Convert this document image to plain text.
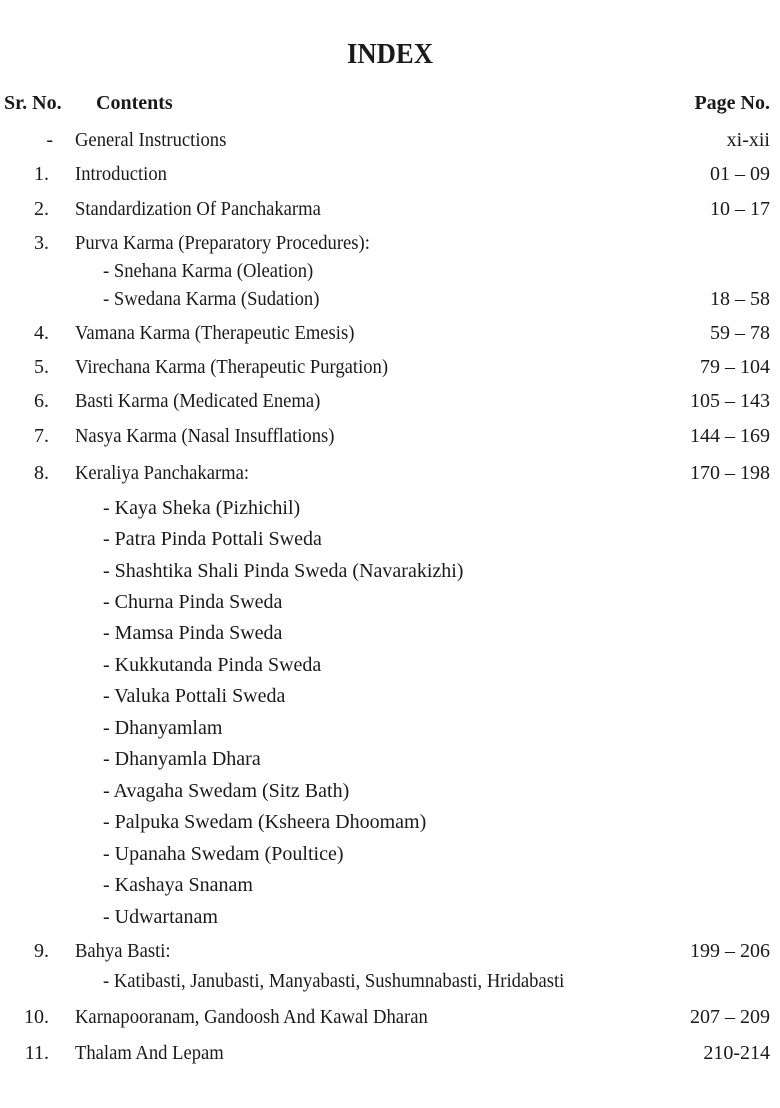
INDEX
Sr. No. Contents	Page No.
- General Instructions	xi-xii
1. Introduction	01 – 09
2. Standardization Of Panchakarma	10 – 17
3. Purva Karma (Preparatory Procedures):
- Snehana Karma (Oleation)
- Swedana Karma (Sudation)	18 – 58
4. Vamana Karma (Therapeutic Emesis)	59 – 78
5. Virechana Karma (Therapeutic Purgation)	79 – 104
6. Basti Karma (Medicated Enema)	105 – 143
7. Nasya Karma (Nasal Insufflations)	144 – 169
8. Keraliya Panchakarma:	170 – 198
- Kaya Sheka (Pizhichil)
- Patra Pinda Pottali Sweda
- Shashtika Shali Pinda Sweda (Navarakizhi)
- Churna Pinda Sweda
- Mamsa Pinda Sweda
- Kukkutanda Pinda Sweda
- Valuka Pottali Sweda
- Dhanyamlam
- Dhanyamla Dhara
- Avagaha Swedam (Sitz Bath)
- Palpuka Swedam (Ksheera Dhoomam)
- Upanaha Swedam (Poultice)
- Kashaya Snanam
- Udwartanam
9. Bahya Basti:	199 – 206
- Katibasti, Janubasti, Manyabasti, Sushumnabasti, Hridabasti
10. Karnapooranam, Gandoosh And Kawal Dharan	207 – 209
11. Thalam And Lepam	210-214
